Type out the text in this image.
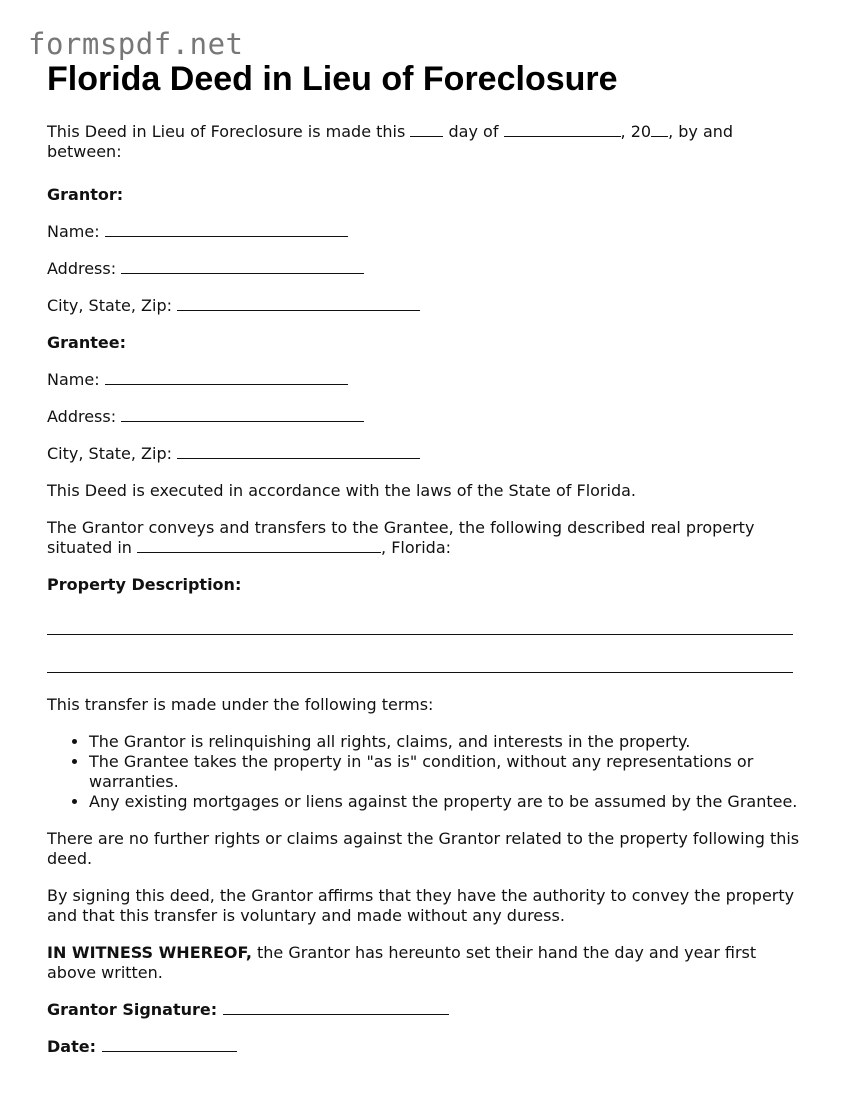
formspdf.net
Florida Deed in Lieu of Foreclosure

This Deed in Lieu of Foreclosure is made this  day of	, 20 , by and between:

Grantor:

Name:

Address:

City, State, Zip:

Grantee:

Name:

Address:

City, State, Zip:

This Deed is executed in accordance with the laws of the State of Florida.

The Grantor conveys and transfers to the Grantee, the following described real property situated in	, Florida:

Property Description:

This transfer is made under the following terms:

• The Grantor is relinquishing all rights, claims, and interests in the property.
• The Grantee takes the property in "as is" condition, without any representations or warranties.
• Any existing mortgages or liens against the property are to be assumed by the Grantee.

There are no further rights or claims against the Grantor related to the property following this deed.

By signing this deed, the Grantor affirms that they have the authority to convey the property and that this transfer is voluntary and made without any duress.

IN WITNESS WHEREOF, the Grantor has hereunto set their hand the day and year first above written.

Grantor Signature:

Date:
